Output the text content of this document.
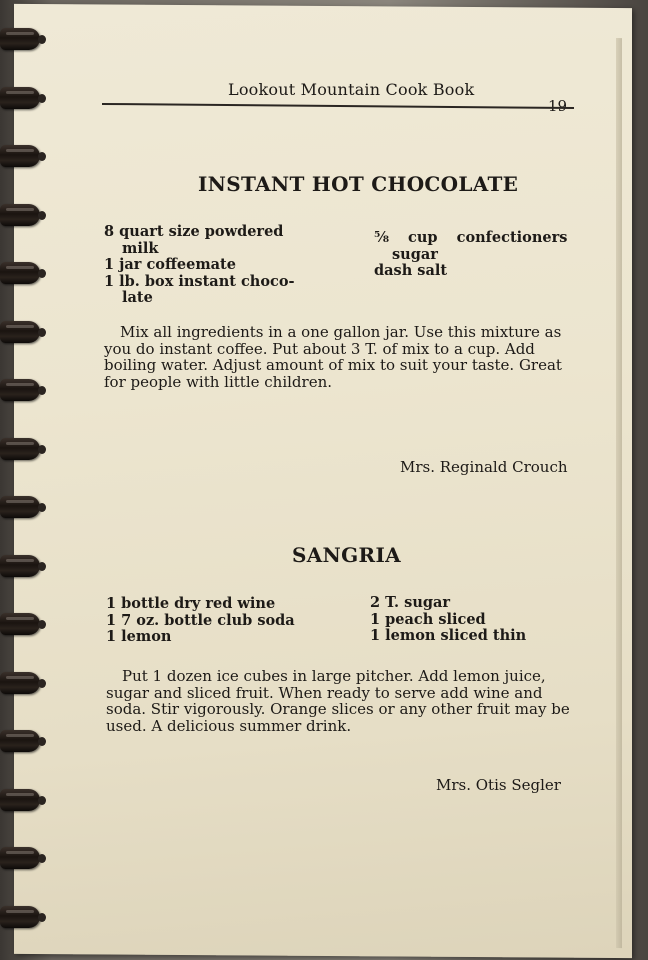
Lookout Mountain Cook Book
INSTANT HOT CHOCOLATE
8 quart size powdered
milk
1 jar coffeemate
1 lb. box instant choco-
late
⅝ cup confectioners
sugar
dash salt
Mix all ingredients in a one gallon jar. Use this mixture as
you do instant coffee. Put about 3 T. of mix to a cup. Add
boiling water. Adjust amount of mix to suit your taste. Great
for people with little children.
Mrs. Reginald Crouch
SANGRIA
1 bottle dry red wine
1 7 oz. bottle club soda
1 lemon
2 T. sugar
1 peach sliced
1 lemon sliced thin
Put 1 dozen ice cubes in large pitcher. Add lemon juice,
sugar and sliced fruit. When ready to serve add wine and
soda. Stir vigorously. Orange slices or any other fruit may be
used. A delicious summer drink.
Mrs. Otis Segler
